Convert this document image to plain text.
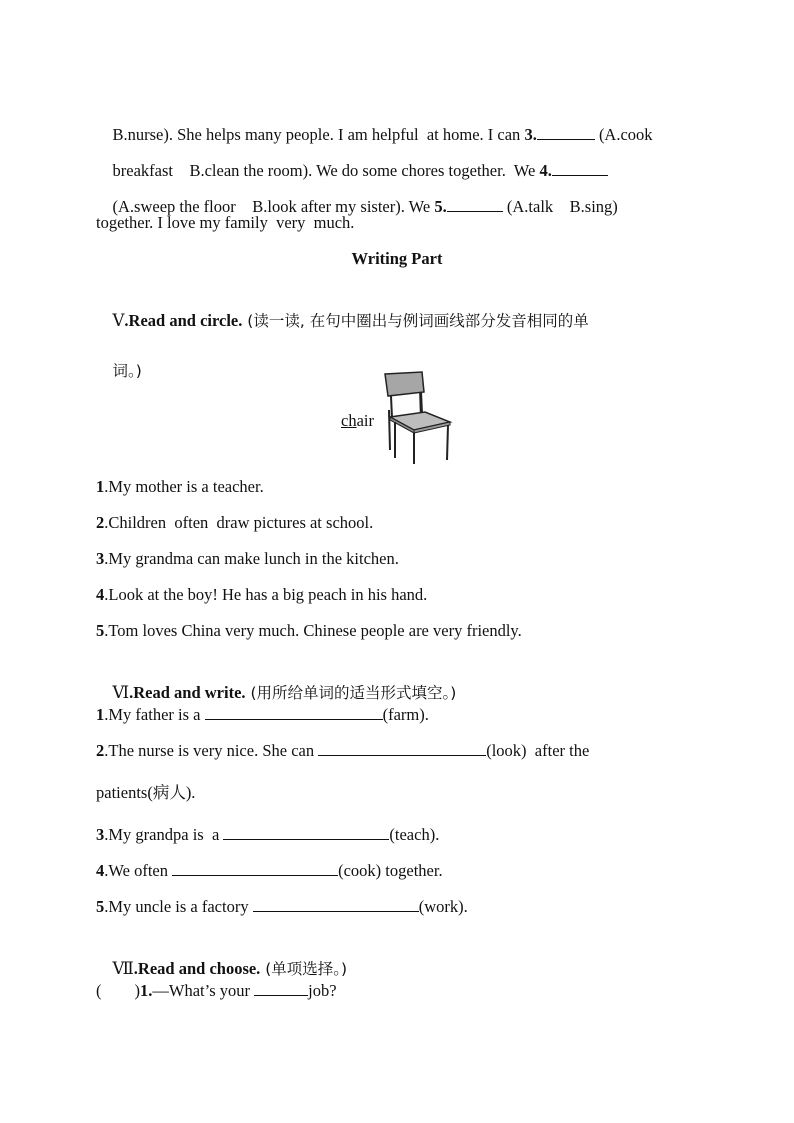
B.nurse). She helps many people. I am helpful  at home. I can 3.	(A.cook

breakfast    B.clean the room). We do some chores together.  We 4.

(A.sweep the floor    B.look after my sister). We 5.	(A.talk    B.sing)

together. I love my family  very  much.
Writing Part

Ⅴ.Read and circle. (读一读, 在句中圈出与例词画线部分发音相同的单

词。)

chair
1.My mother is a teacher.
2.Children  often  draw pictures at school.
3.My grandma can make lunch in the kitchen.
4.Look at the boy! He has a big peach in his hand.
5.Tom loves China very much. Chinese people are very friendly.

Ⅵ.Read and write. (用所给单词的适当形式填空。)

1.My father is a	(farm).
2.The nurse is very nice. She can	(look)  after the
patients(病人).
3.My grandpa is  a	(teach).
4.We often	(cook) together.
5.My uncle is a factory	(work).

Ⅶ.Read and choose. (单项选择。)

(        )1.—What’s your	job?
